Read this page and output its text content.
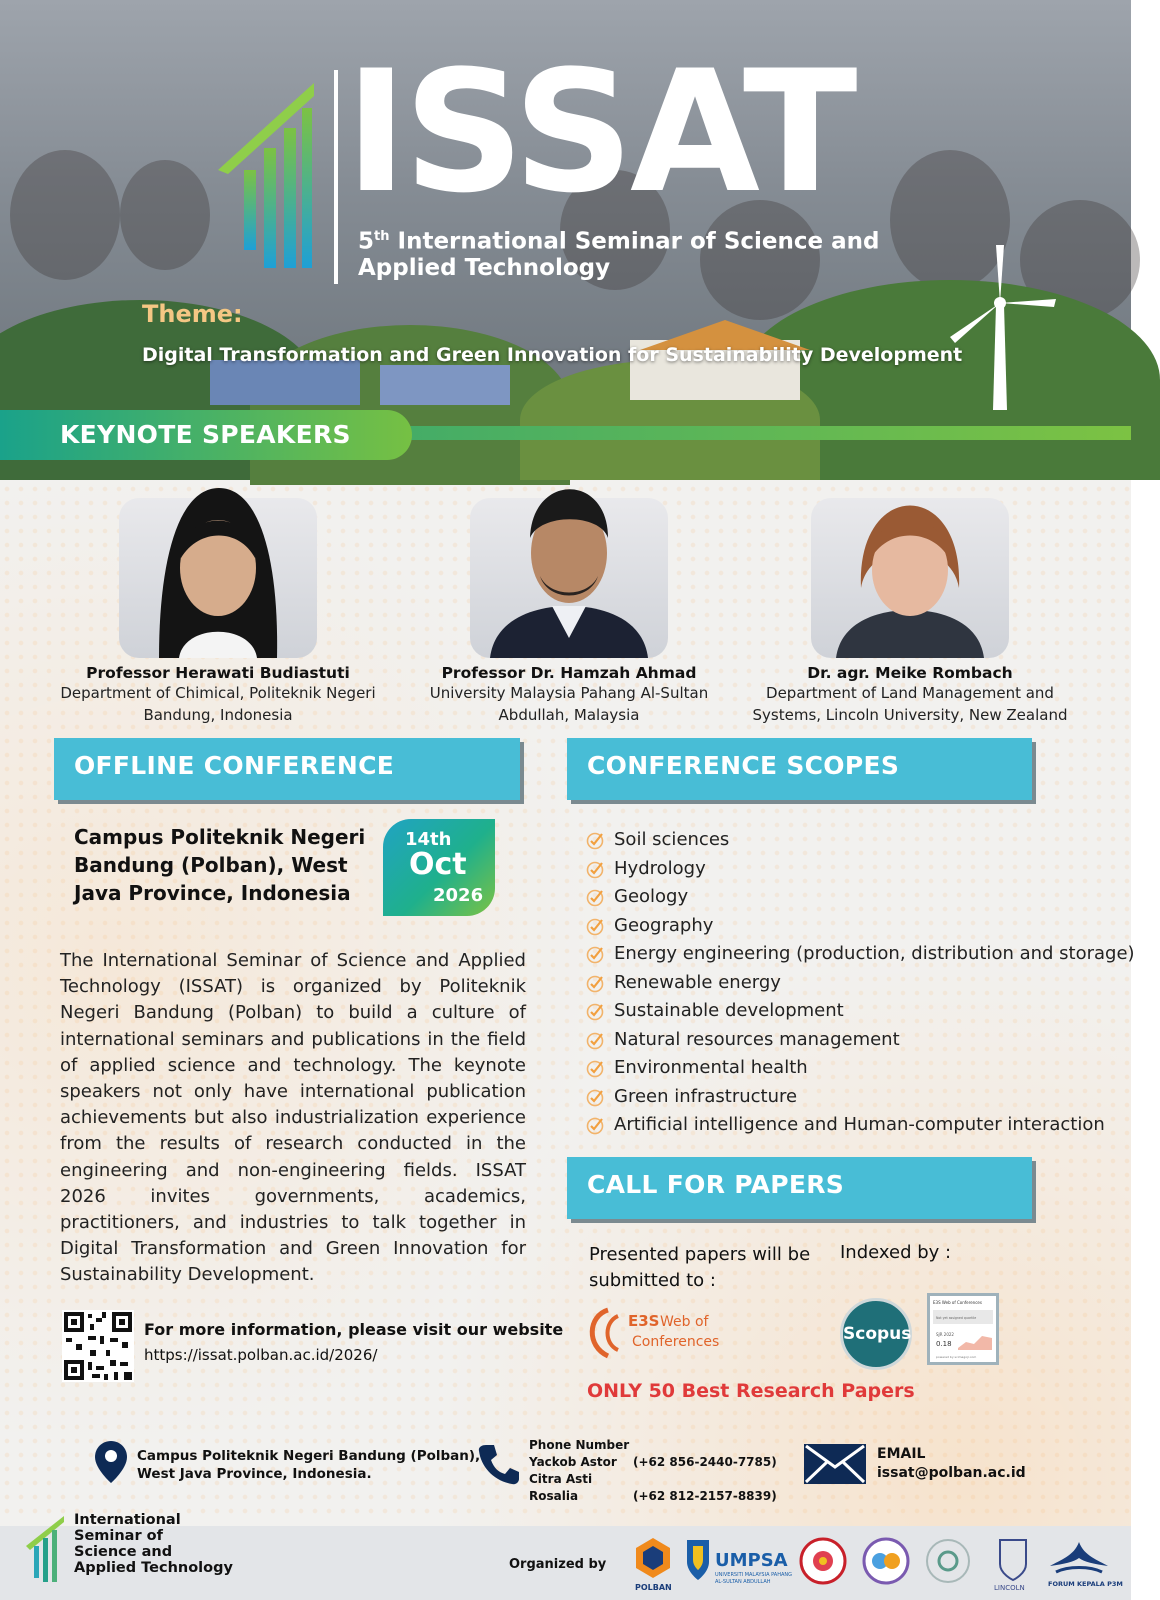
ISSAT
5th International Seminar of Science and
Applied Technology
Theme:
Digital Transformation and Green Innovation for Sustainability Development
KEYNOTE SPEAKERS
Professor Herawati Budiastuti
Department of Chimical, Politeknik Negeri
Bandung, Indonesia
Professor Dr. Hamzah Ahmad
University Malaysia Pahang Al-Sultan
Abdullah, Malaysia
Dr. agr. Meike Rombach
Department of Land Management and
Systems, Lincoln University, New Zealand
OFFLINE CONFERENCE
Campus Politeknik Negeri
Bandung (Polban), West
Java Province, Indonesia
14th
Oct
2026
The International Seminar of Science and Applied Technology (ISSAT) is organized by Politeknik Negeri Bandung (Polban) to build a culture of international seminars and publications in the field of applied science and technology. The keynote speakers not only have international publication achievements but also industrialization experience from the results of research conducted in the engineering and non-engineering fields. ISSAT 2026 invites governments, academics, practitioners, and industries to talk together in Digital Transformation and Green Innovation for Sustainability Development.
For more information, please visit our website
https://issat.polban.ac.id/2026/
CONFERENCE SCOPES
Soil sciences
Hydrology
Geology
Geography
Energy engineering (production, distribution and storage)
Renewable energy
Sustainable development
Natural resources management
Environmental health
Green infrastructure
Artificial intelligence and Human-computer interaction
CALL FOR PAPERS
Presented papers will be
submitted to :
Indexed by :
E3S Web of
Conferences	Scopus
E3S Web of Conferences
Not yet assigned quartile
SJR 2022
0.18
powered by scimagojr.com
ONLY 50 Best Research Papers
Campus Politeknik Negeri Bandung (Polban),
West Java Province, Indonesia.
Phone Number
Yackob Astor (+62 856-2440-7785)
Citra Asti Rosalia	(+62 812-2157-8839)
EMAIL
issat@polban.ac.id
International
Seminar of
Science and
Applied Technology	Organized by
POLBAN
UMPSA
UNIVERSITI MALAYSIA PAHANG
AL-SULTAN ABDULLAH
LINCOLN	FORUM KEPALA P3M
